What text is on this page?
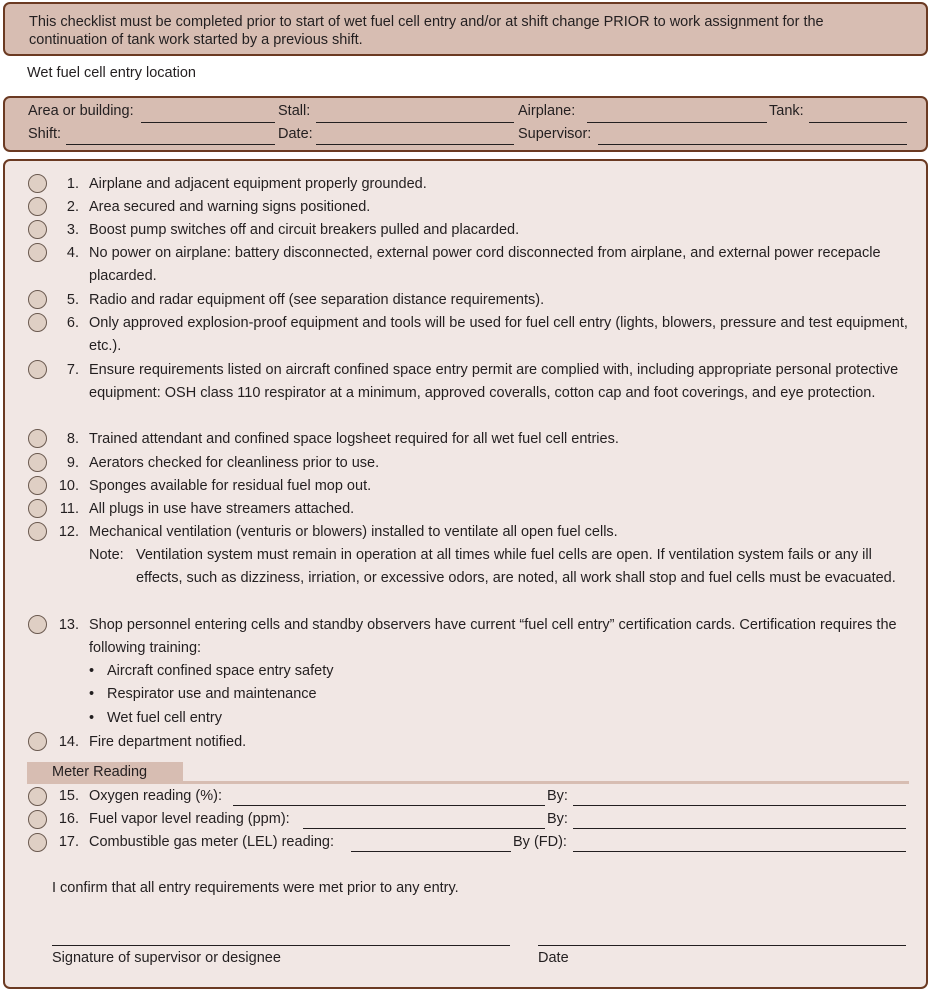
This checklist must be completed prior to start of wet fuel cell entry and/or at shift change PRIOR to work assignment for the continuation of tank work started by a previous shift.
Wet fuel cell entry location
Area or building:	Stall:	Airplane:	Tank:
Shift:	Date:	Supervisor:
1. Airplane and adjacent equipment properly grounded.
2. Area secured and warning signs positioned.
3. Boost pump switches off and circuit breakers pulled and placarded.
4. No power on airplane: battery disconnected, external power cord disconnected from airplane, and external power recepacle placarded.
5. Radio and radar equipment off (see separation distance requirements).
6. Only approved explosion-proof equipment and tools will be used for fuel cell entry (lights, blowers, pressure and test equipment, etc.).
7. Ensure requirements listed on aircraft confined space entry permit are complied with, including appropriate personal protective equipment: OSH class 110 respirator at a minimum, approved coveralls, cotton cap and foot coverings, and eye protection.
8. Trained attendant and confined space logsheet required for all wet fuel cell entries.
9. Aerators checked for cleanliness prior to use.
10. Sponges available for residual fuel mop out.
11. All plugs in use have streamers attached.
12. Mechanical ventilation (venturis or blowers) installed to ventilate all open fuel cells.
Note: Ventilation system must remain in operation at all times while fuel cells are open. If ventilation system fails or any ill effects, such as dizziness, irriation, or excessive odors, are noted, all work shall stop and fuel cells must be evacuated.
13. Shop personnel entering cells and standby observers have current “fuel cell entry” certification cards. Certification requires the following training:
• Aircraft confined space entry safety
• Respirator use and maintenance
• Wet fuel cell entry
14. Fire department notified.
Meter Reading
15. Oxygen reading (%):	By:
16. Fuel vapor level reading (ppm):	By:
17. Combustible gas meter (LEL) reading:	By (FD):
I confirm that all entry requirements were met prior to any entry.
Signature of supervisor or designee	Date
